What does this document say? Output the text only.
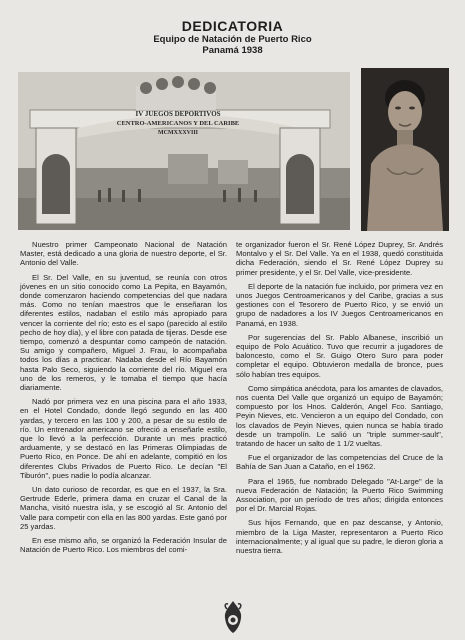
DEDICATORIA
Equipo de Natación de Puerto Rico
Panamá 1938
IV JUEGOS DEPORTIVOS
CENTRO-AMERICANOS Y DEL CARIBE
MCMXXXVIII

Nuestro primer Campeonato Nacional de Natación Master, está dedicado a una gloria de nuestro deporte, el Sr. Antonio del Valle.

El Sr. Del Valle, en su juventud, se reunía con otros jóvenes en un sitio conocido como La Pepita, en Bayamón, donde comenzaron haciendo competencias del que nadara más. Como no tenían maestros que le enseñaran los diferentes estilos, nadaban el estilo más apropiado para vencer la corriente del río; esto es el sapo (parecido al estilo pecho de hoy día), y el libre con patada de tijeras. Desde ese tiempo, comenzó a despuntar como campeón de natación. Su amigo y compañero, Miguel J. Frau, lo acompañaba todos los días a practicar. Nadaba desde el Río Bayamón hasta Palo Seco, siguiendo la corriente del río. Miguel era uno de los remeros, y le tomaba el tiempo que hacía diariamente.

Nadó por primera vez en una piscina para el año 1933, en el Hotel Condado, donde llegó segundo en las 400 yardas, y tercero en las 100 y 200, a pesar de su estilo de río. Un entrenador americano se ofreció a enseñarle estilo, que lo llevó a la perfección. Durante un mes practicó arduamente, y se destacó en las Primeras Olimpiadas de Puerto Rico, en Ponce. De ahí en adelante, compitió en los diferentes Clubs Privados de Puerto Rico. Le decían "El Tiburón", pues nadie lo podía alcanzar.

Un dato curioso de recordar, es que en el 1937, la Sra. Gertrude Ederle, primera dama en cruzar el Canal de la Mancha, visitó nuestra isla, y se escogió al Sr. Antonio del Valle para competir con ella en las 800 yardas. Este ganó por 25 yardas.

En ese mismo año, se organizó la Federación Insular de Natación de Puerto Rico. Los miembros del comi-

te organizador fueron el Sr. René López Duprey, Sr. Andrés Montalvo y el Sr. Del Valle. Ya en el 1938, quedó constituida dicha Federación, siendo el Sr. René López Duprey su primer presidente, y el Sr. Del Valle, vice-presidente.

El deporte de la natación fue incluido, por primera vez en unos Juegos Centroamericanos y del Caribe, gracias a sus gestiones con el Tesorero de Puerto Rico, y se envió un grupo de nadadores a los IV Juegos Centroamericanos en Panamá, en 1938.

Por sugerencias del Sr. Pablo Albanese, inscribió un equipo de Polo Acuático. Tuvo que recurrir a jugadores de baloncesto, como el Sr. Guigo Otero Suro para poder completar el equipo. Obtuvieron medalla de bronce, pues sólo habían tres equipos.

Como simpática anécdota, para los amantes de clavados, nos cuenta Del Valle que organizó un equipo de Bayamón; compuesto por los Hnos. Calderón, Angel Fco. Santiago, Peyin Nieves, etc. Vencieron a un equipo del Condado, con los clavados de Peyin Nieves, quien nunca se había tirado desde un trampolín. Le salió un "triple summer-sault", tratando de hacer un salto de 1 1/2 vueltas.

Fue el organizador de las competencias del Cruce de la Bahía de San Juan a Cataño, en el 1962.

Para el 1965, fue nombrado Delegado "At-Large" de la nueva Federación de Natación; la Puerto Rico Swimming Association, por un período de tres años; dirigida entonces por el Dr. Marcial Rojas.

Sus hijos Fernando, que en paz descanse, y Antonio, miembro de la Liga Master, representaron a Puerto Rico internacionalmente; y al igual que su padre, le dieron gloria a nuestra tierra.
